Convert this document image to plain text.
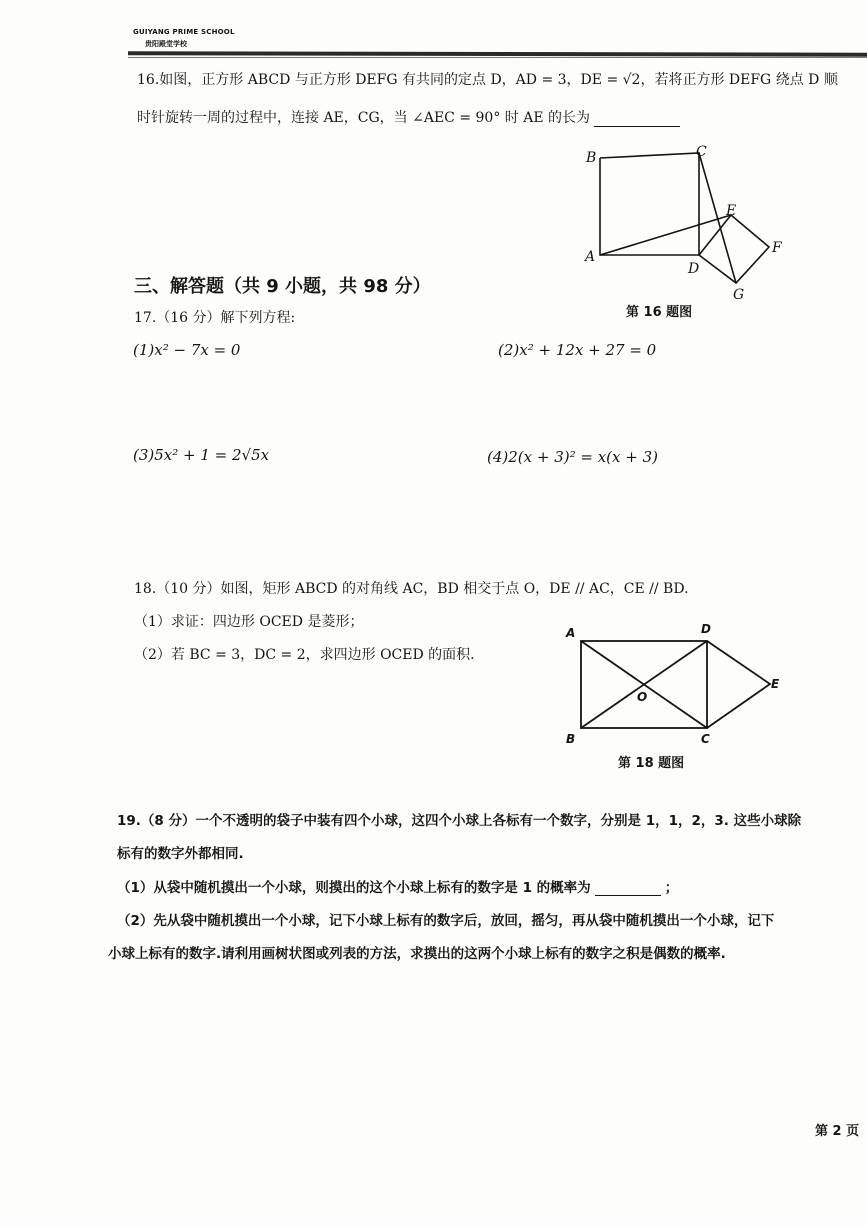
GUIYANG PRIME SCHOOL
贵阳殿堂学校
16.如图，正方形 ABCD 与正方形 DEFG 有共同的定点 D，AD = 3，DE = √2，若将正方形 DEFG 绕点 D 顺
时针旋转一周的过程中，连接 AE，CG，当 ∠AEC = 90° 时 AE 的长为
B	C
A
D
E
F
G
第 16 题图
三、解答题（共 9 小题，共 98 分）
17.（16 分）解下列方程:
(1)x² − 7x = 0	(2)x² + 12x + 27 = 0
(3)5x² + 1 = 2√5x	(4)2(x + 3)² = x(x + 3)
18.（10 分）如图，矩形 ABCD 的对角线 AC，BD 相交于点 O，DE // AC，CE // BD.
（1）求证：四边形 OCED 是菱形；
（2）若 BC = 3，DC = 2，求四边形 OCED 的面积.
A	D
E
O
B	C
第 18 题图
19.（8 分）一个不透明的袋子中装有四个小球，这四个小球上各标有一个数字，分别是 1，1，2，3. 这些小球除
标有的数字外都相同.
（1）从袋中随机摸出一个小球，则摸出的这个小球上标有的数字是 1 的概率为	；
（2）先从袋中随机摸出一个小球，记下小球上标有的数字后，放回，摇匀，再从袋中随机摸出一个小球，记下
小球上标有的数字.请利用画树状图或列表的方法，求摸出的这两个小球上标有的数字之积是偶数的概率.
第 2 页
